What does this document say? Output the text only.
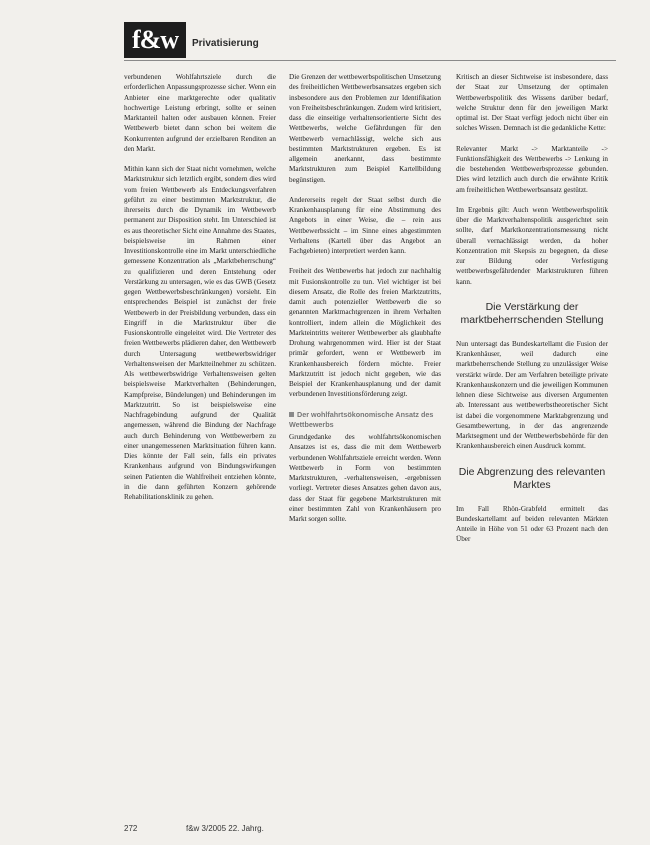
f&w	Privatisierung

verbundenen Wohlfahrtsziele durch die erforderlichen Anpassungsprozesse sicher. Wenn ein Anbieter eine marktgerechte oder qualitativ hochwertige Leistung erbringt, sollte er seinen Marktanteil halten oder ausbauen können. Freier Wettbewerb bietet dann schon bei weitem die Konkurrenten aufgrund der erzielbaren Renditen an den Markt.

Mithin kann sich der Staat nicht vornehmen, welche Marktstruktur sich letztlich ergibt, sondern dies wird vom freien Wettbewerb als Entdeckungsverfahren geführt zu einer bestimmten Marktstruktur, die ihrerseits durch die Dynamik im Wettbewerb permanent zur Disposition steht. Im Unterschied ist es aus theoretischer Sicht eine Annahme des Staates, beispielsweise im Rahmen einer Investitionskontrolle eine im Markt unterschiedliche gemessene Konzentration als „Marktbeherrschung“ zu qualifizieren und deren Entstehung oder Verstärkung zu untersagen, wie es das GWB (Gesetz gegen Wettbewerbsbeschränkungen) vorsieht. Ein entsprechendes Beispiel ist zunächst der freie Wettbewerb in der Preisbildung verbunden, dass ein Eingriff in die Marktstruktur über die Fusionskontrolle eingeleitet wird. Die Vertreter des freien Wettbewerbs plädieren daher, den Wettbewerb durch Untersagung wettbewerbswidriger Verhaltensweisen der Marktteilnehmer zu schützen. Als wettbewerbswidrige Verhaltensweisen gelten beispielsweise Marktverhalten (Behinderungen, Kampfpreise, Bündelungen) und Behinderungen im Marktzutritt. So ist beispielsweise eine Nachfragebindung aufgrund der Qualität angemessen, während die Bindung der Nachfrage auch durch Behinderung von Wettbewerbern zu einer unangemessenen Marktsituation führen kann. Dies könnte der Fall sein, falls ein privates Krankenhaus aufgrund von Bindungswirkungen seinen Patienten die Wahlfreiheit entziehen könnte, in die dann geführten Konzern gehörende Rehabilitationsklinik zu gehen.

Die Grenzen der wettbewerbspolitischen Umsetzung des freiheitlichen Wettbewerbsansatzes ergeben sich insbesondere aus den Problemen zur Identifikation von Freiheitsbeschränkungen. Zudem wird kritisiert, dass die einseitige verhaltensorientierte Sicht des Wettbewerbs, welche Gefährdungen für den Wettbewerb vernachlässigt, welche sich aus bestimmten Marktstrukturen ergeben. Es ist allgemein anerkannt, dass bestimmte Marktstrukturen zum Beispiel Kartellbildung begünstigen.

Andererseits regelt der Staat selbst durch die Krankenhausplanung für eine Abstimmung des Angebots in einer Weise, die – rein aus Wettbewerbssicht – im Sinne eines abgestimmten Verhaltens (Kartell über das Angebot an Fachgebieten) interpretiert werden kann.

Freiheit des Wettbewerbs hat jedoch zur nachhaltig mit Fusionskontrolle zu tun. Viel wichtiger ist bei diesem Ansatz, die Rolle des freien Marktzutritts, damit auch potenzieller Wettbewerb die so genannten Marktmachtgrenzen in ihrem Verhalten kontrolliert, indem allein die Möglichkeit des Markteintritts weiterer Wettbewerber als glaubhafte Drohung wahrgenommen wird. Hier ist der Staat primär gefordert, wenn er Wettbewerb im Krankenhausbereich fördern möchte. Freier Marktzutritt ist jedoch nicht gegeben, wie das Beispiel der Krankenhausplanung und der damit verbundenen Investitionsförderung zeigt.

Der wohlfahrtsökonomische Ansatz des Wettbewerbs

Grundgedanke des wohlfahrtsökonomischen Ansatzes ist es, dass die mit dem Wettbewerb verbundenen Wohlfahrtsziele erreicht werden. Wenn Wettbewerb in Form von bestimmten Marktstrukturen, -verhaltensweisen, -ergebnissen vorliegt. Vertreter dieses Ansatzes gehen davon aus, dass der Staat für gegebene Marktstrukturen mit einer bestimmten Zahl von Krankenhäusern pro Markt sorgen sollte.

Kritisch an dieser Sichtweise ist insbesondere, dass der Staat zur Umsetzung der optimalen Wettbewerbspolitik des Wissens darüber bedarf, welche Struktur denn für den jeweiligen Markt optimal ist. Der Staat verfügt jedoch nicht über ein solches Wissen. Demnach ist die gedankliche Kette:

Relevanter Markt -> Marktanteile -> Funktionsfähigkeit des Wettbewerbs -> Lenkung in die bestehenden Wettbewerbsprozesse gebunden. Dies wird letztlich auch durch die erwähnte Kritik am freiheitlichen Wettbewerbsansatz gestützt.

Im Ergebnis gilt: Auch wenn Wettbewerbspolitik über die Marktverhaltenspolitik ausgerichtet sein sollte, darf Marktkonzentrationsmessung nicht überall vernachlässigt werden, da hoher Konzentration mit Skepsis zu begegnen, da diese zur Bildung oder Verfestigung wettbewerbsgefährdender Marktstrukturen führen kann.

Die Verstärkung der marktbeherrschenden Stellung

Nun untersagt das Bundeskartellamt die Fusion der Krankenhäuser, weil dadurch eine marktbeherrschende Stellung zu unzulässiger Weise verstärkt würde. Der am Verfahren beteiligte private Krankenhauskonzern und die jeweiligen Kommunen lehnen diese Sichtweise aus diversen Argumenten ab. Interessant aus wettbewerbstheoretischer Sicht ist dabei die vorgenommene Marktabgrenzung und Gesamtbewertung, in der das angrenzende Marktsegment und der Wettbewerbsbehörde für den Krankenhausbereich einen Ausdruck kommt.

Die Abgrenzung des relevanten Marktes

Im Fall Rhön-Grabfeld ermittelt das Bundeskartellamt auf beiden relevanten Märkten Anteile in Höhe von 51 oder 63 Prozent nach den Über

272	f&w 3/2005 22. Jahrg.
